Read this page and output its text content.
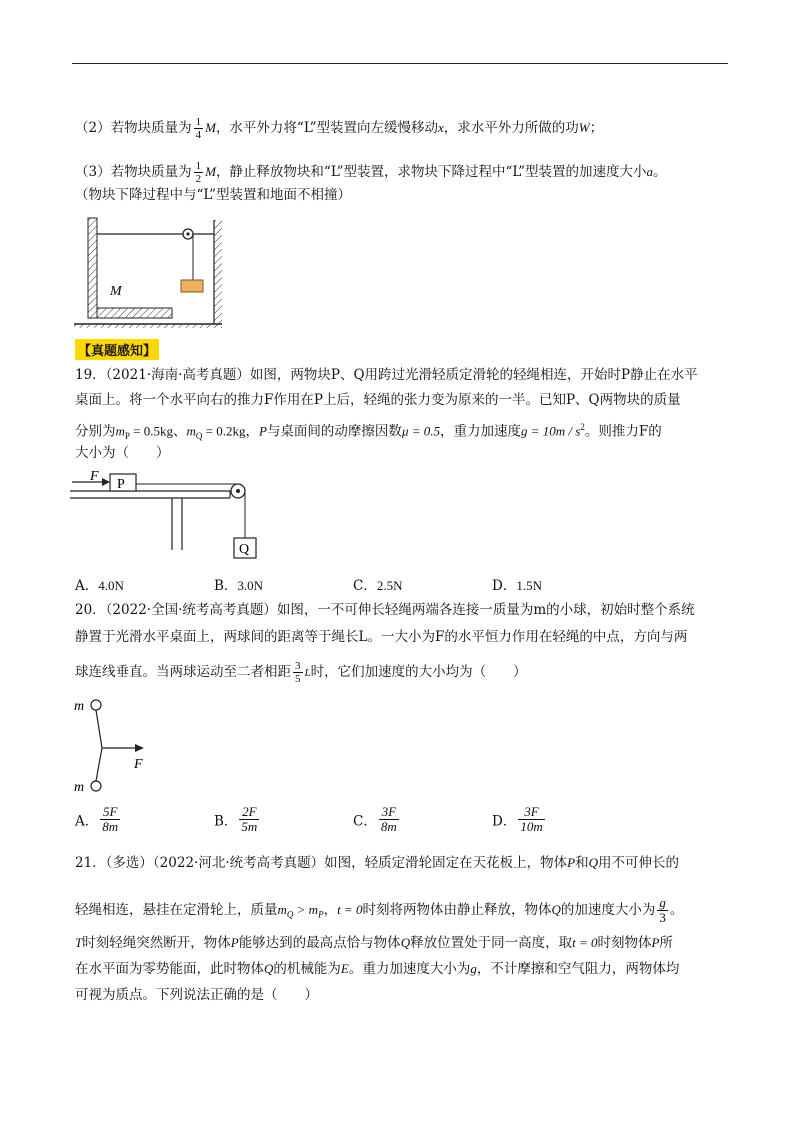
（2）若物块质量为 $\frac{1}{4}$ M，水平外力将“L”型装置向左缓慢移动x，求水平外力所做的功W；
（3）若物块质量为 $\frac{1}{2}$ M，静止释放物块和“L”型装置，求物块下降过程中“L”型装置的加速度大小a。
（物块下降过程中与“L”型装置和地面不相撞）
M
【真题感知】
19．（2021·海南·高考真题）如图，两物块P、Q用跨过光滑轻质定滑轮的轻绳相连，开始时P静止在水平
桌面上。将一个水平向右的推力F作用在P上后，轻绳的张力变为原来的一半。已知P、Q两物块的质量
分别为$m_P = 0.5kg$、$m_Q = 0.2kg$，P与桌面间的动摩擦因数μ = 0.5，重力加速度$g = 10m / s^2$。则推力F的
大小为（　　）
P
F
Q
A．4.0N	B．3.0N	C．2.5N	D．1.5N
20．（2022·全国·统考高考真题）如图，一不可伸长轻绳两端各连接一质量为m的小球，初始时整个系统
静置于光滑水平桌面上，两球间的距离等于绳长L。一大小为F的水平恒力作用在轻绳的中点，方向与两
球连线垂直。当两球运动至二者相距 $\frac{3}{5}$ L时，它们加速度的大小均为（　　）
m
m
F
A． $\frac{5F}{8m}$	B． $\frac{2F}{5m}$	C． $\frac{3F}{8m}$	D． $\frac{3F}{10m}$
21．（多选）（2022·河北·统考高考真题）如图，轻质定滑轮固定在天花板上，物体P和Q用不可伸长的
轻绳相连，悬挂在定滑轮上，质量$m_Q > m_P$，t = 0时刻将两物体由静止释放，物体Q的加速度大小为 $\frac{g}{3}$ 。
T时刻轻绳突然断开，物体P能够达到的最高点恰与物体Q释放位置处于同一高度，取t = 0时刻物体P所
在水平面为零势能面，此时物体Q的机械能为E。重力加速度大小为g，不计摩擦和空气阻力，两物体均
可视为质点。下列说法正确的是（　　）
